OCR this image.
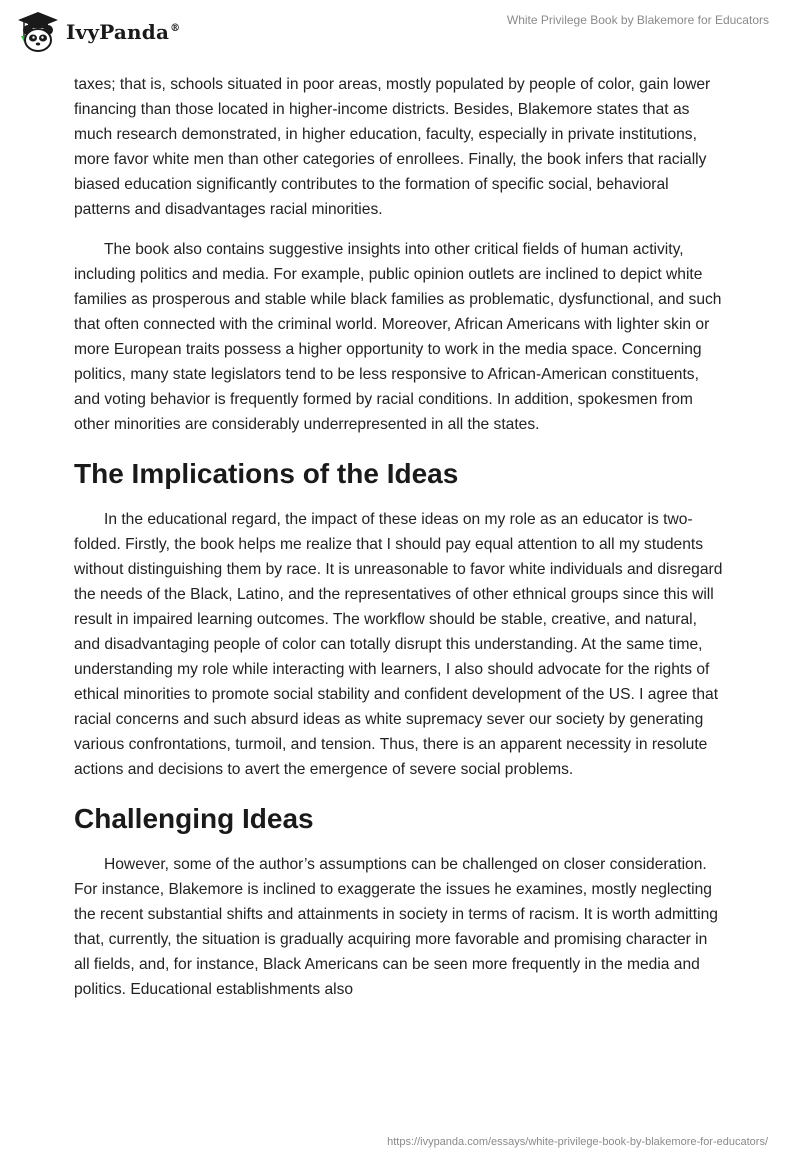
IvyPanda®
White Privilege Book by Blakemore for Educators

taxes; that is, schools situated in poor areas, mostly populated by people of color, gain lower financing than those located in higher-income districts. Besides, Blakemore states that as much research demonstrated, in higher education, faculty, especially in private institutions, more favor white men than other categories of enrollees. Finally, the book infers that racially biased education significantly contributes to the formation of specific social, behavioral patterns and disadvantages racial minorities.

The book also contains suggestive insights into other critical fields of human activity, including politics and media. For example, public opinion outlets are inclined to depict white families as prosperous and stable while black families as problematic, dysfunctional, and such that often connected with the criminal world. Moreover, African Americans with lighter skin or more European traits possess a higher opportunity to work in the media space. Concerning politics, many state legislators tend to be less responsive to African-American constituents, and voting behavior is frequently formed by racial conditions. In addition, spokesmen from other minorities are considerably underrepresented in all the states.

The Implications of the Ideas

In the educational regard, the impact of these ideas on my role as an educator is two-folded. Firstly, the book helps me realize that I should pay equal attention to all my students without distinguishing them by race. It is unreasonable to favor white individuals and disregard the needs of the Black, Latino, and the representatives of other ethnical groups since this will result in impaired learning outcomes. The workflow should be stable, creative, and natural, and disadvantaging people of color can totally disrupt this understanding. At the same time, understanding my role while interacting with learners, I also should advocate for the rights of ethical minorities to promote social stability and confident development of the US. I agree that racial concerns and such absurd ideas as white supremacy sever our society by generating various confrontations, turmoil, and tension. Thus, there is an apparent necessity in resolute actions and decisions to avert the emergence of severe social problems.

Challenging Ideas

However, some of the author’s assumptions can be challenged on closer consideration. For instance, Blakemore is inclined to exaggerate the issues he examines, mostly neglecting the recent substantial shifts and attainments in society in terms of racism. It is worth admitting that, currently, the situation is gradually acquiring more favorable and promising character in all fields, and, for instance, Black Americans can be seen more frequently in the media and politics. Educational establishments also

https://ivypanda.com/essays/white-privilege-book-by-blakemore-for-educators/
